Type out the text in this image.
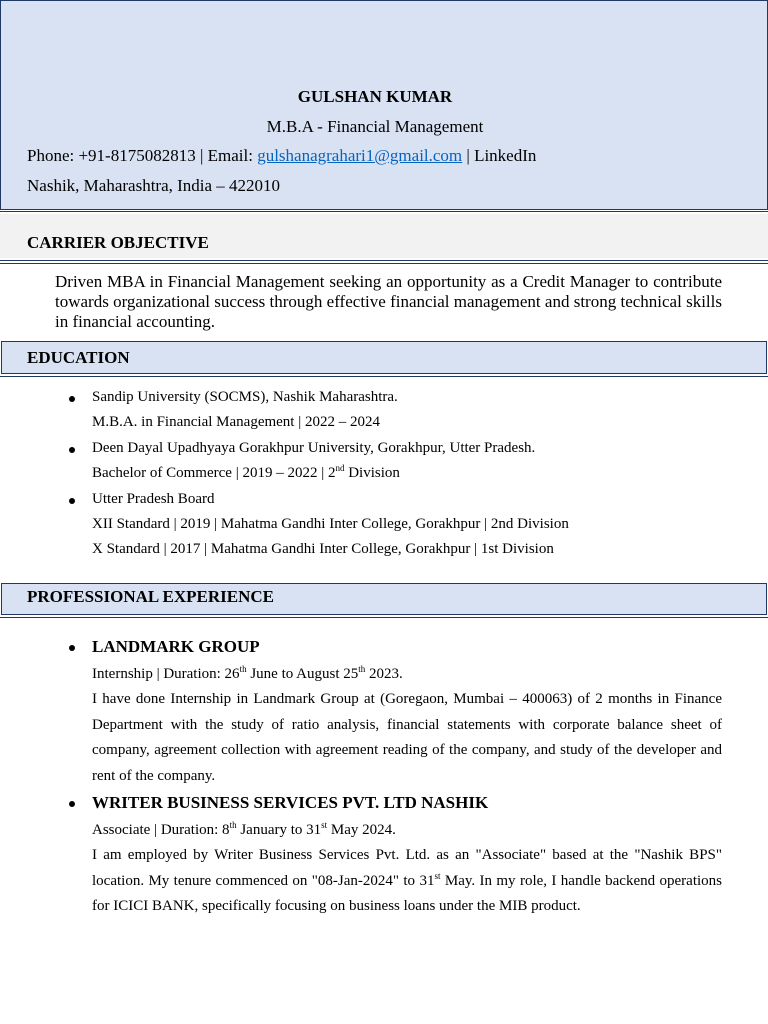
GULSHAN KUMAR
M.B.A - Financial Management
Phone: +91-8175082813 | Email: gulshanagrahari1@gmail.com | LinkedIn
Nashik, Maharashtra, India – 422010
CARRIER OBJECTIVE
Driven MBA in Financial Management seeking an opportunity as a Credit Manager to contribute towards organizational success through effective financial management and strong technical skills in financial accounting.
EDUCATION
Sandip University (SOCMS), Nashik Maharashtra.
M.B.A. in Financial Management | 2022 – 2024
Deen Dayal Upadhyaya Gorakhpur University, Gorakhpur, Utter Pradesh.
Bachelor of Commerce | 2019 – 2022 | 2nd Division
Utter Pradesh Board
XII Standard | 2019 | Mahatma Gandhi Inter College, Gorakhpur | 2nd Division
X Standard | 2017 | Mahatma Gandhi Inter College, Gorakhpur | 1st Division
PROFESSIONAL EXPERIENCE
LANDMARK GROUP
Internship | Duration: 26th June to August 25th 2023.
I have done Internship in Landmark Group at (Goregaon, Mumbai – 400063) of 2 months in Finance Department with the study of ratio analysis, financial statements with corporate balance sheet of company, agreement collection with agreement reading of the company, and study of the developer and rent of the company.
WRITER BUSINESS SERVICES PVT. LTD NASHIK
Associate | Duration: 8th January to 31st May 2024.
I am employed by Writer Business Services Pvt. Ltd. as an "Associate" based at the "Nashik BPS" location. My tenure commenced on "08-Jan-2024" to 31st May. In my role, I handle backend operations for ICICI BANK, specifically focusing on business loans under the MIB product.
